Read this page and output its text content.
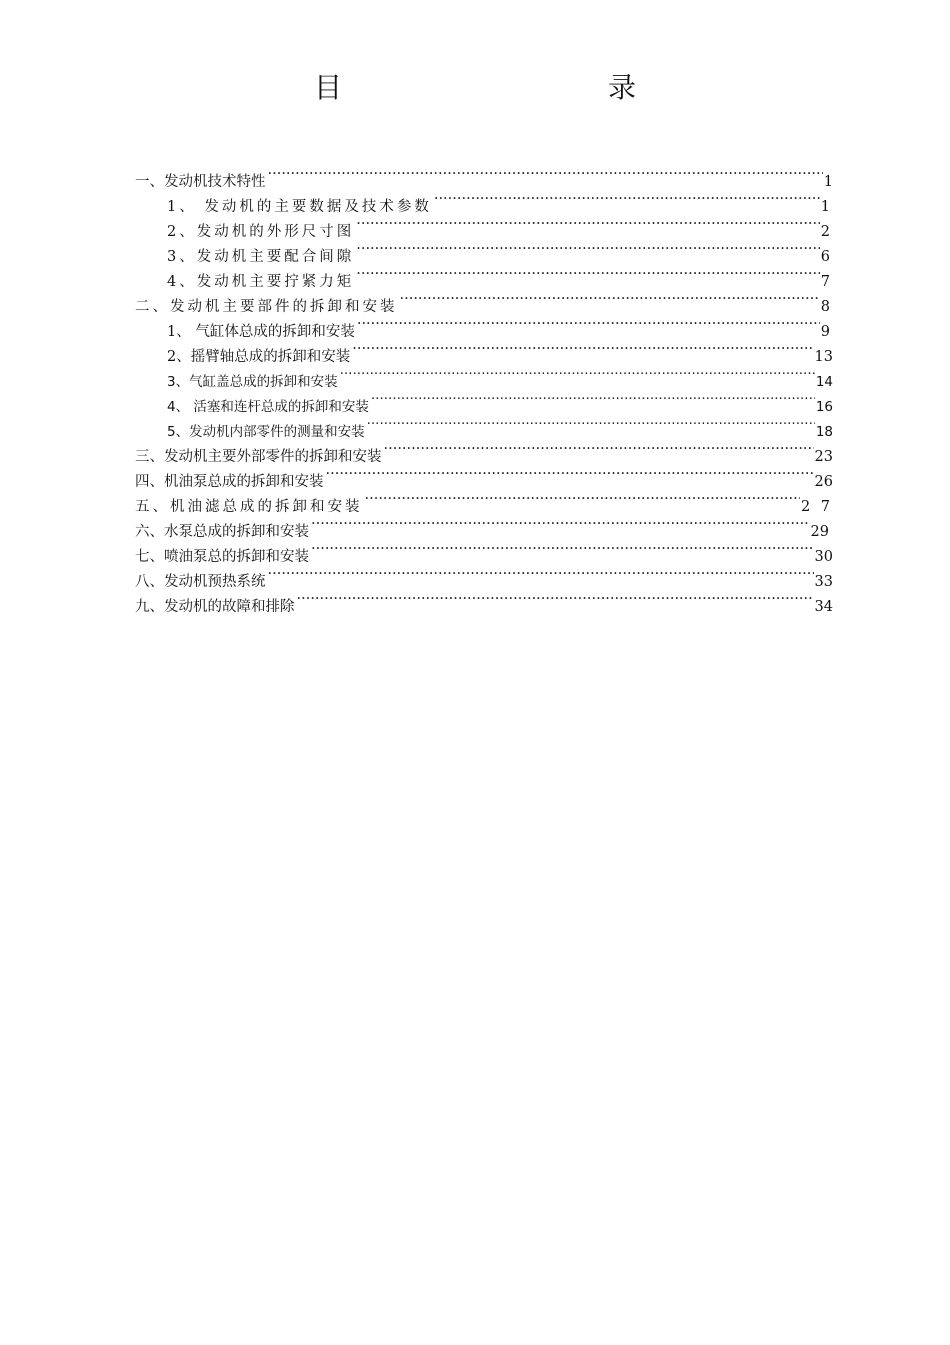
目　　录
一、发动机技术特性 ·····	1
1、 发动机的主要数据及技术参数 ·····	1
2、发动机的外形尺寸图 ·····	2
3、发动机主要配合间隙 ·····	6
4、发动机主要拧紧力矩 ·····	7
二、发动机主要部件的拆卸和安装 ·····	8
1、 气缸体总成的拆卸和安装 ·····	9
2、摇臂轴总成的拆卸和安装 ·····	13
3、气缸盖总成的拆卸和安装 ·····	14
4、 活塞和连杆总成的拆卸和安装 ·····	16
5、发动机内部零件的测量和安装 ·····	18
三、发动机主要外部零件的拆卸和安装 ·····	23
四、机油泵总成的拆卸和安装 ·····	26
五、机油滤总成的拆卸和安装 ·····	2 7
六、水泵总成的拆卸和安装 ·····	29
七、喷油泵总的拆卸和安装 ·····	30
八、发动机预热系统 ·····	33
九、发动机的故障和排除 ·····	34
